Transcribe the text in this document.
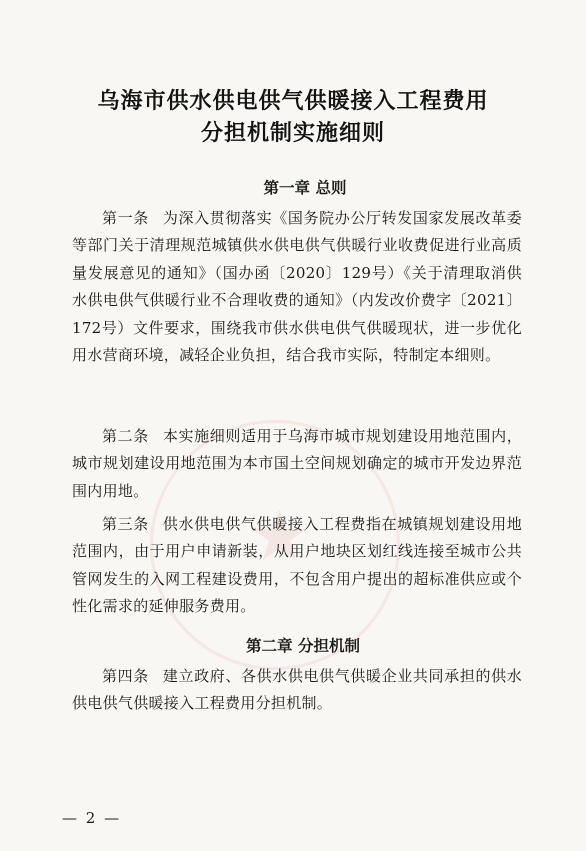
★
乌海市供水供电供气供暖接入工程费用
分担机制实施细则
第一章 总则
第一条 为深入贯彻落实《国务院办公厅转发国家发展改革委等部门关于清理规范城镇供水供电供气供暖行业收费促进行业高质量发展意见的通知》（国办函〔2020〕129号）《关于清理取消供水供电供气供暖行业不合理收费的通知》（内发改价费字〔2021〕172号）文件要求，围绕我市供水供电供气供暖现状，进一步优化用水营商环境，减轻企业负担，结合我市实际，特制定本细则。
第二条 本实施细则适用于乌海市城市规划建设用地范围内，城市规划建设用地范围为本市国土空间规划确定的城市开发边界范围内用地。
第三条 供水供电供气供暖接入工程费指在城镇规划建设用地范围内，由于用户申请新装，从用户地块区划红线连接至城市公共管网发生的入网工程建设费用，不包含用户提出的超标准供应或个性化需求的延伸服务费用。
第二章 分担机制
第四条 建立政府、各供水供电供气供暖企业共同承担的供水供电供气供暖接入工程费用分担机制。
— 2 —
